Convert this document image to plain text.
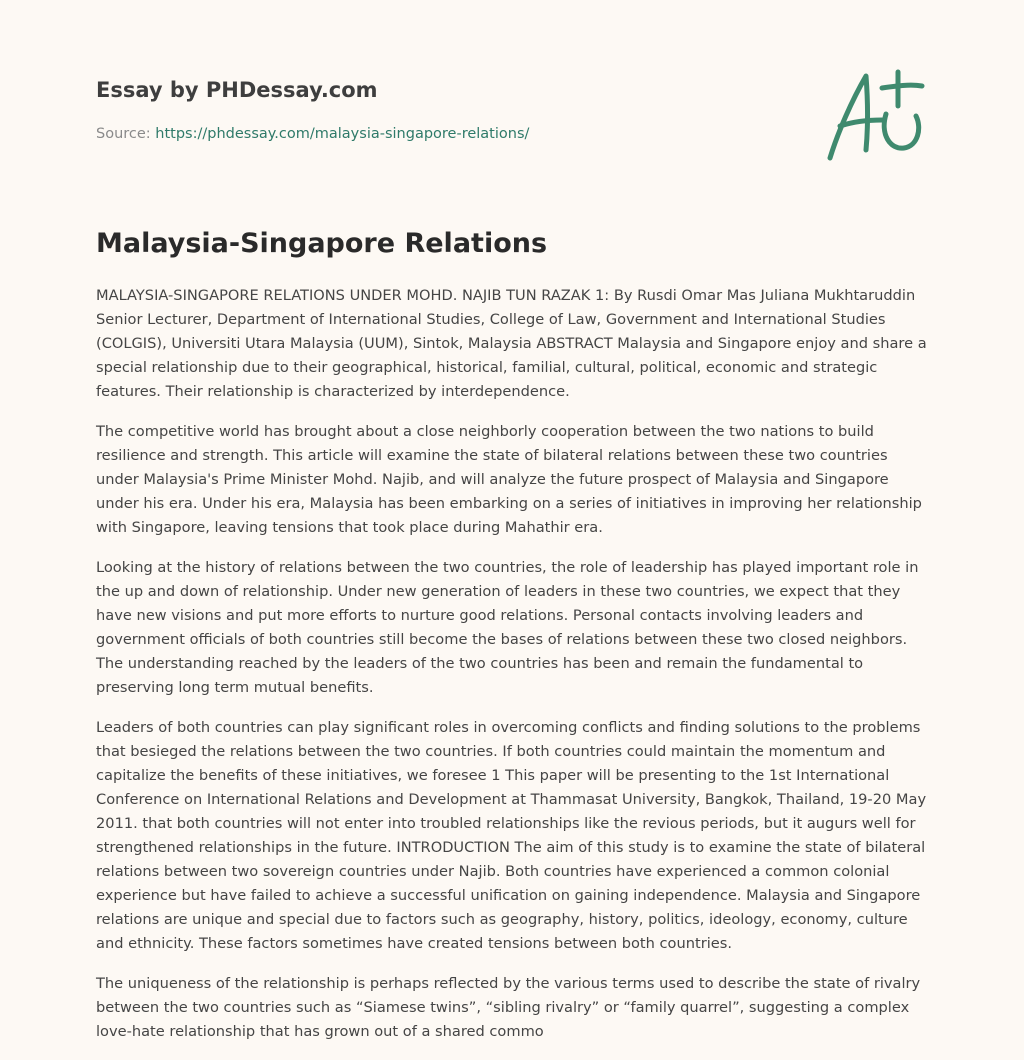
Essay by PHDessay.com
Source: https://phdessay.com/malaysia-singapore-relations/
Malaysia-Singapore Relations

MALAYSIA-SINGAPORE RELATIONS UNDER MOHD. NAJIB TUN RAZAK 1: By Rusdi Omar Mas Juliana Mukhtaruddin Senior Lecturer, Department of International Studies, College of Law, Government and International Studies (COLGIS), Universiti Utara Malaysia (UUM), Sintok, Malaysia ABSTRACT Malaysia and Singapore enjoy and share a special relationship due to their geographical, historical, familial, cultural, political, economic and strategic features. Their relationship is characterized by interdependence.

The competitive world has brought about a close neighborly cooperation between the two nations to build resilience and strength. This article will examine the state of bilateral relations between these two countries under Malaysia's Prime Minister Mohd. Najib, and will analyze the future prospect of Malaysia and Singapore under his era. Under his era, Malaysia has been embarking on a series of initiatives in improving her relationship with Singapore, leaving tensions that took place during Mahathir era.

Looking at the history of relations between the two countries, the role of leadership has played important role in the up and down of relationship. Under new generation of leaders in these two countries, we expect that they have new visions and put more efforts to nurture good relations. Personal contacts involving leaders and government officials of both countries still become the bases of relations between these two closed neighbors. The understanding reached by the leaders of the two countries has been and remain the fundamental to preserving long term mutual benefits.

Leaders of both countries can play significant roles in overcoming conflicts and finding solutions to the problems that besieged the relations between the two countries. If both countries could maintain the momentum and capitalize the benefits of these initiatives, we foresee 1 This paper will be presenting to the 1st International Conference on International Relations and Development at Thammasat University, Bangkok, Thailand, 19-20 May 2011. that both countries will not enter into troubled relationships like the revious periods, but it augurs well for strengthened relationships in the future. INTRODUCTION The aim of this study is to examine the state of bilateral relations between two sovereign countries under Najib. Both countries have experienced a common colonial experience but have failed to achieve a successful unification on gaining independence. Malaysia and Singapore relations are unique and special due to factors such as geography, history, politics, ideology, economy, culture and ethnicity. These factors sometimes have created tensions between both countries.

The uniqueness of the relationship is perhaps reflected by the various terms used to describe the state of rivalry between the two countries such as “Siamese twins”, “sibling rivalry” or “family quarrel”, suggesting a complex love-hate relationship that has grown out of a shared commo
